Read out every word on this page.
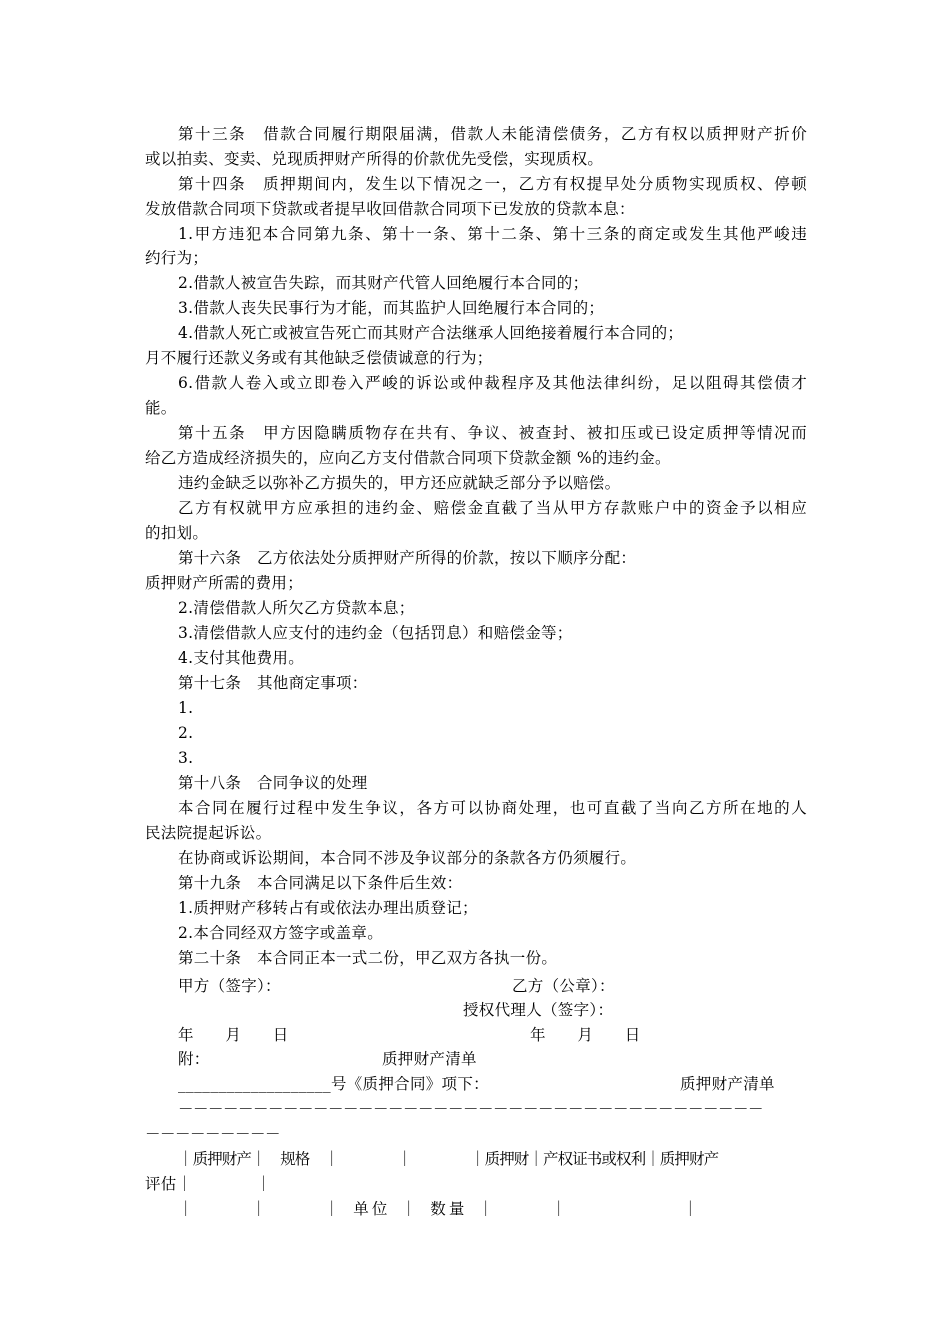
第十三条　借款合同履行期限届满，借款人未能清偿债务，乙方有权以质押财产折价
或以拍卖、变卖、兑现质押财产所得的价款优先受偿，实现质权。
第十四条　质押期间内，发生以下情况之一，乙方有权提早处分质物实现质权、停顿
发放借款合同项下贷款或者提早收回借款合同项下已发放的贷款本息：
1.甲方违犯本合同第九条、第十一条、第十二条、第十三条的商定或发生其他严峻违
约行为；
2.借款人被宣告失踪，而其财产代管人回绝履行本合同的；
3.借款人丧失民事行为才能，而其监护人回绝履行本合同的；
4.借款人死亡或被宣告死亡而其财产合法继承人回绝接着履行本合同的；
月不履行还款义务或有其他缺乏偿债诚意的行为；
6.借款人卷入或立即卷入严峻的诉讼或仲裁程序及其他法律纠纷，足以阻碍其偿债才
能。
第十五条　甲方因隐瞒质物存在共有、争议、被查封、被扣压或已设定质押等情况而
给乙方造成经济损失的，应向乙方支付借款合同项下贷款金额 %的违约金。
违约金缺乏以弥补乙方损失的，甲方还应就缺乏部分予以赔偿。
乙方有权就甲方应承担的违约金、赔偿金直截了当从甲方存款账户中的资金予以相应
的扣划。
第十六条　乙方依法处分质押财产所得的价款，按以下顺序分配：
质押财产所需的费用；
2.清偿借款人所欠乙方贷款本息；
3.清偿借款人应支付的违约金（包括罚息）和赔偿金等；
4.支付其他费用。
第十七条　其他商定事项：
1.
2.
3.
第十八条　合同争议的处理
本合同在履行过程中发生争议，各方可以协商处理，也可直截了当向乙方所在地的人
民法院提起诉讼。
在协商或诉讼期间，本合同不涉及争议部分的条款各方仍须履行。
第十九条　本合同满足以下条件后生效：
1.质押财产移转占有或依法办理出质登记；
2.本合同经双方签字或盖章。
第二十条　本合同正本一式二份，甲乙双方各执一份。
甲方（签字）：	乙方（公章）：
授权代理人（签字）：
年　　月　　日	年　　月　　日
附：	质押财产清单
___________________号《质押合同》项下：	质押财产清单
－－－－－－－－－－－－－－－－－－－－－－－－－－－－－－－－－－－－－－－
－－－－－－－－－
｜质押财产｜　规格　｜　　　　｜　　　　｜质押财｜产权证书或权利｜质押财产
评估｜　　　　｜
｜　　　　｜　　　　｜　单 位　｜　数 量　｜　　　　｜　　　　　　　　｜
